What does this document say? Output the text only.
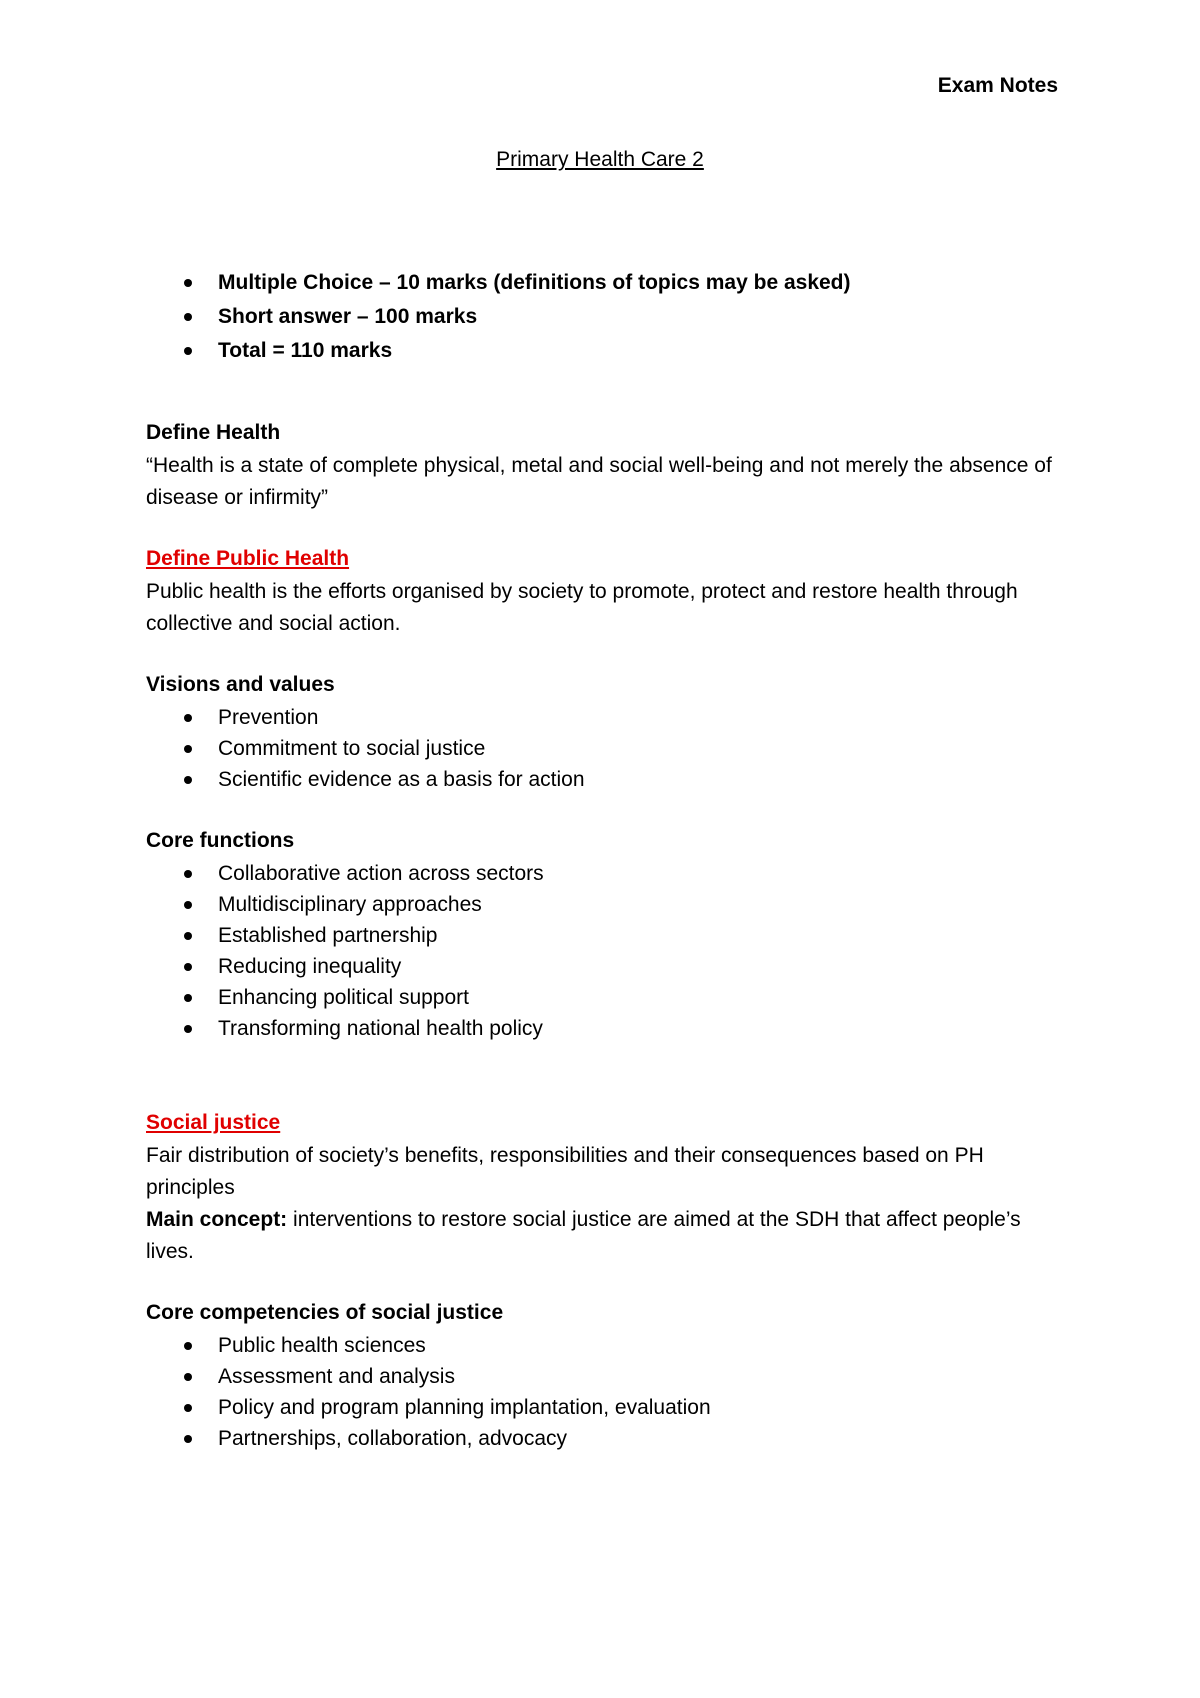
Exam Notes
Primary Health Care 2
Multiple Choice – 10 marks (definitions of topics may be asked)
Short answer – 100 marks
Total = 110 marks
Define Health

“Health is a state of complete physical, metal and social well-being and not merely the absence of disease or infirmity”

Define Public Health

Public health is the efforts organised by society to promote, protect and restore health through collective and social action.

Visions and values
Prevention
Commitment to social justice
Scientific evidence as a basis for action
Core functions
Collaborative action across sectors
Multidisciplinary approaches
Established partnership
Reducing inequality
Enhancing political support
Transforming national health policy
Social justice

Fair distribution of society’s benefits, responsibilities and their consequences based on PH principles

Main concept: interventions to restore social justice are aimed at the SDH that affect people’s lives.

Core competencies of social justice
Public health sciences
Assessment and analysis
Policy and program planning implantation, evaluation
Partnerships, collaboration, advocacy
